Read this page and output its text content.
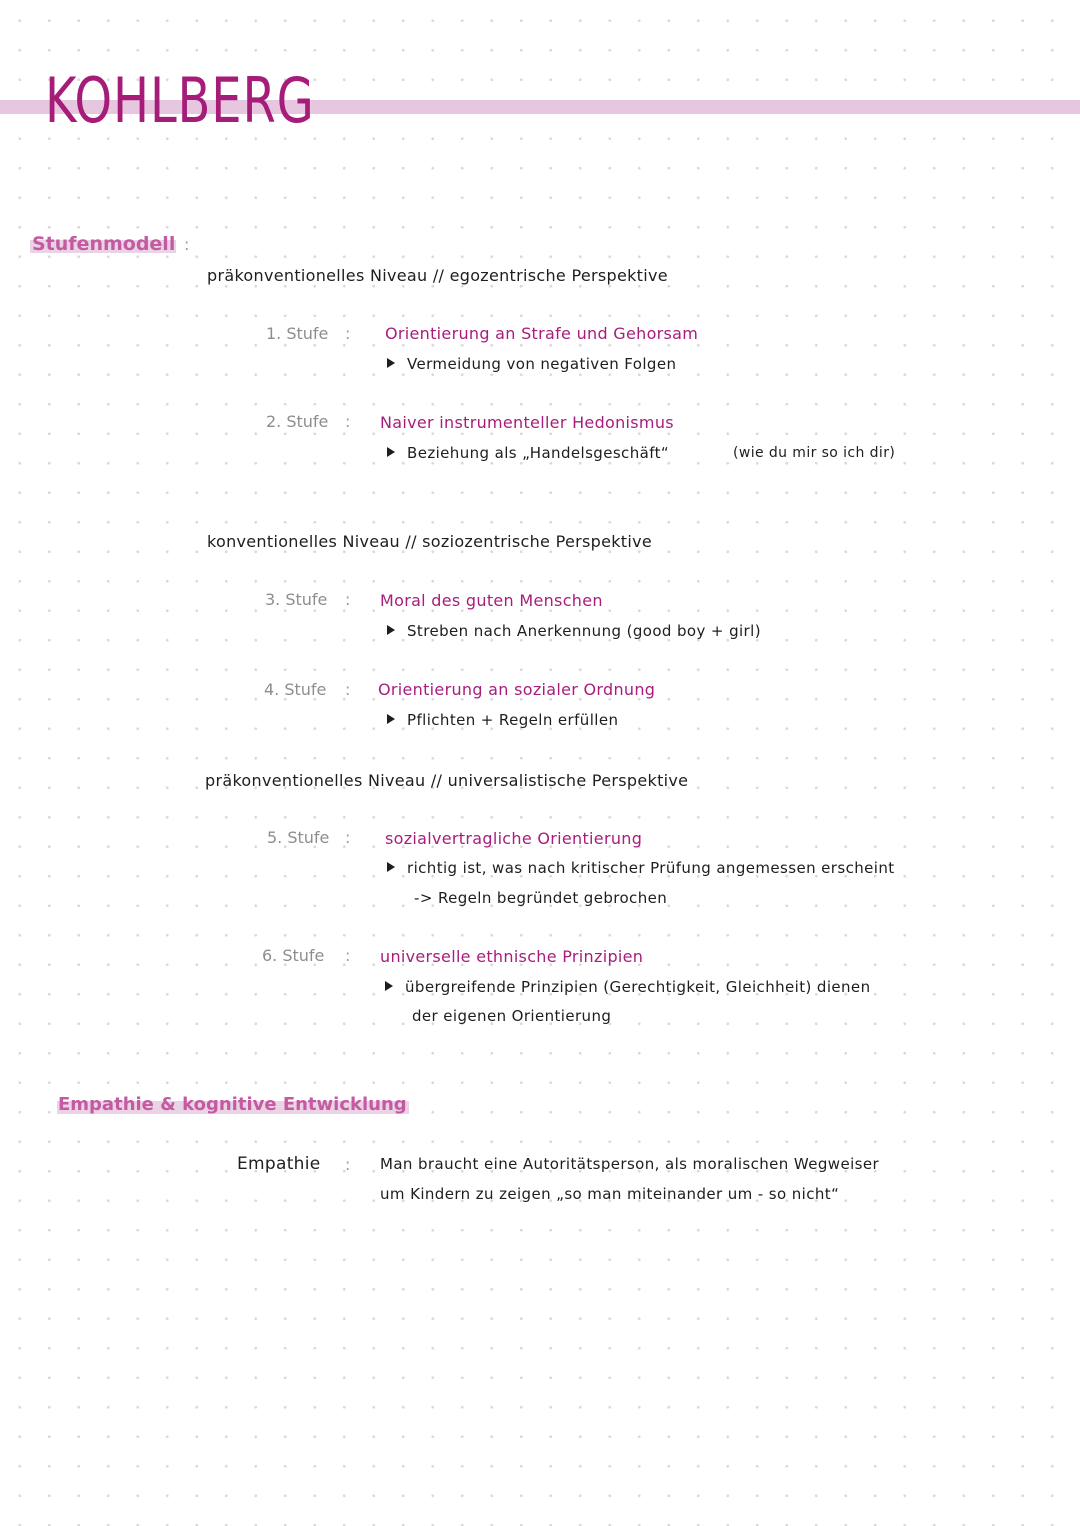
KOHLBERG
Stufenmodell :
präkonventionelles Niveau // egozentrische Perspektive
1. Stufe : Orientierung an Strafe und Gehorsam
Vermeidung von negativen Folgen
2. Stufe : Naiver instrumenteller Hedonismus
Beziehung als „Handelsgeschäft“	(wie du mir so ich dir)
konventionelles Niveau // soziozentrische Perspektive
3. Stufe : Moral des guten Menschen
Streben nach Anerkennung (good boy + girl)
4. Stufe : Orientierung an sozialer Ordnung
Pflichten + Regeln erfüllen
präkonventionelles Niveau // universalistische Perspektive
5. Stufe : sozialvertragliche Orientierung
richtig ist, was nach kritischer Prüfung angemessen erscheint
-> Regeln begründet gebrochen
6. Stufe : universelle ethnische Prinzipien
übergreifende Prinzipien (Gerechtigkeit, Gleichheit) dienen
der eigenen Orientierung
Empathie & kognitive Entwicklung
Empathie : Man braucht eine Autoritätsperson, als moralischen Wegweiser
um Kindern zu zeigen „so man miteinander um - so nicht“
